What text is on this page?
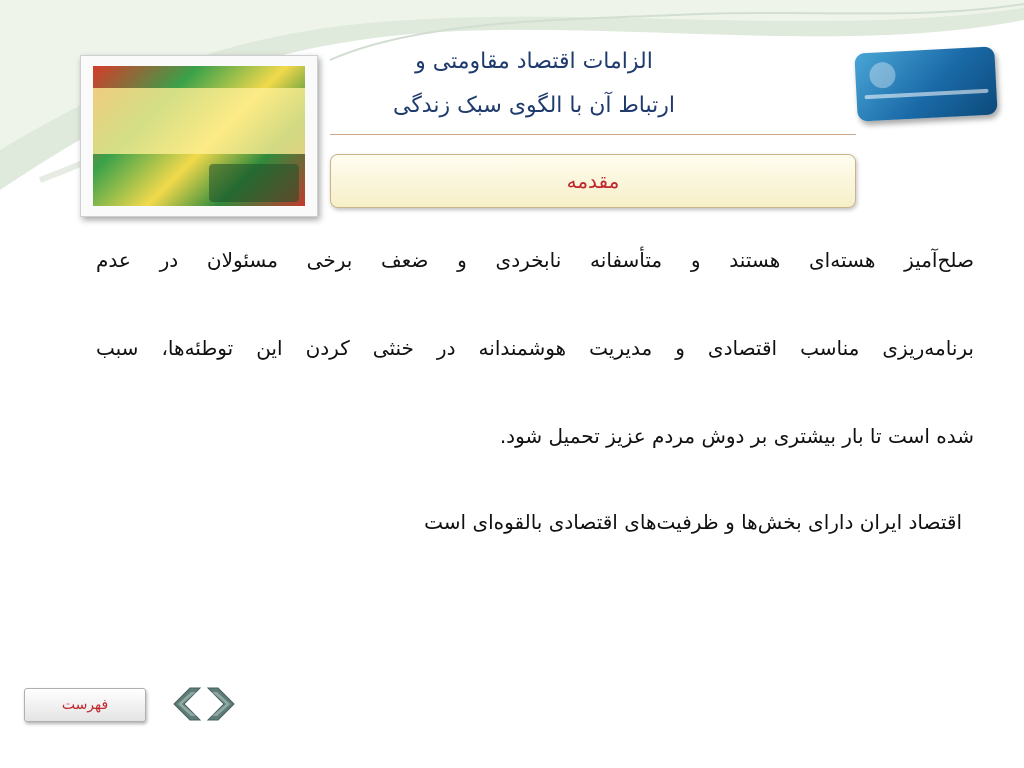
الزامات اقتصاد مقاومتی و
ارتباط آن با الگوی سبک زندگی
مقدمه
صلح‌آمیز هسته‌ای هستند و متأسفانه نابخردی و ضعف برخی مسئولان در عدم
برنامه‌ریزی مناسب اقتصادی و مدیریت هوشمندانه در خنثی کردن این توطئه‌ها، سبب
شده است تا بار بیشتری بر دوش مردم عزیز تحمیل شود.
اقتصاد ایران دارای بخش‌ها و ظرفیت‌های اقتصادی بالقوه‌ای است
فهرست
